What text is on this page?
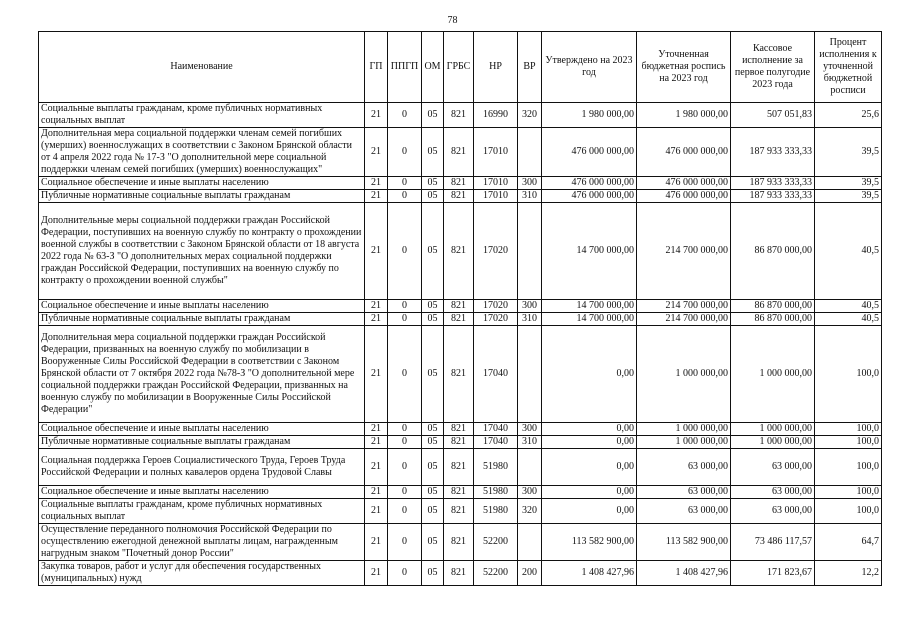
78
Наименование	ГП	ППГП	ОМ	ГРБС	НР	ВР	Утверждено на 2023 год	Уточненная бюджетная роспись на 2023 год	Кассовое исполнение за первое полугодие 2023 года	Процент исполнения к уточненной бюджетной росписи
Социальные выплаты гражданам, кроме публичных нормативных социальных выплат	21	0	05	821	16990	320	1 980 000,00	1 980 000,00	507 051,83	25,6
Дополнительная мера социальной поддержки членам семей погибших (умерших) военнослужащих в соответствии с Законом Брянской области от 4 апреля 2022 года № 17-З "О дополнительной мере социальной поддержки членам семей погибших (умерших) военнослужащих"	21	0	05	821	17010		476 000 000,00	476 000 000,00	187 933 333,33	39,5
Социальное обеспечение и иные выплаты населению	21	0	05	821	17010	300	476 000 000,00	476 000 000,00	187 933 333,33	39,5
Публичные нормативные социальные выплаты гражданам	21	0	05	821	17010	310	476 000 000,00	476 000 000,00	187 933 333,33	39,5
Дополнительные меры социальной поддержки граждан Российской Федерации, поступивших на военную службу по контракту о прохождении военной службы в соответствии с Законом Брянской области от 18 августа 2022 года № 63-З "О дополнительных мерах социальной поддержки граждан Российской Федерации, поступивших на военную службу по контракту о прохождении военной службы"	21	0	05	821	17020		14 700 000,00	214 700 000,00	86 870 000,00	40,5
Социальное обеспечение и иные выплаты населению	21	0	05	821	17020	300	14 700 000,00	214 700 000,00	86 870 000,00	40,5
Публичные нормативные социальные выплаты гражданам	21	0	05	821	17020	310	14 700 000,00	214 700 000,00	86 870 000,00	40,5
Дополнительная мера социальной поддержки граждан Российской Федерации, призванных на военную службу по мобилизации в Вооруженные Силы Российской Федерации в соответствии с Законом Брянской области от 7 октября 2022 года №78-З "О дополнительной мере социальной поддержки граждан Российской Федерации, призванных на военную службу по мобилизации в Вооруженные Силы Российской Федерации"	21	0	05	821	17040		0,00	1 000 000,00	1 000 000,00	100,0
Социальное обеспечение и иные выплаты населению	21	0	05	821	17040	300	0,00	1 000 000,00	1 000 000,00	100,0
Публичные нормативные социальные выплаты гражданам	21	0	05	821	17040	310	0,00	1 000 000,00	1 000 000,00	100,0
Социальная поддержка Героев Социалистического Труда, Героев Труда Российской Федерации и полных кавалеров ордена Трудовой Славы	21	0	05	821	51980		0,00	63 000,00	63 000,00	100,0
Социальное обеспечение и иные выплаты населению	21	0	05	821	51980	300	0,00	63 000,00	63 000,00	100,0
Социальные выплаты гражданам, кроме публичных нормативных социальных выплат	21	0	05	821	51980	320	0,00	63 000,00	63 000,00	100,0
Осуществление переданного полномочия Российской Федерации по осуществлению ежегодной денежной выплаты лицам, награжденным нагрудным знаком "Почетный донор России"	21	0	05	821	52200		113 582 900,00	113 582 900,00	73 486 117,57	64,7
Закупка товаров, работ и услуг для обеспечения государственных (муниципальных) нужд	21	0	05	821	52200	200	1 408 427,96	1 408 427,96	171 823,67	12,2
